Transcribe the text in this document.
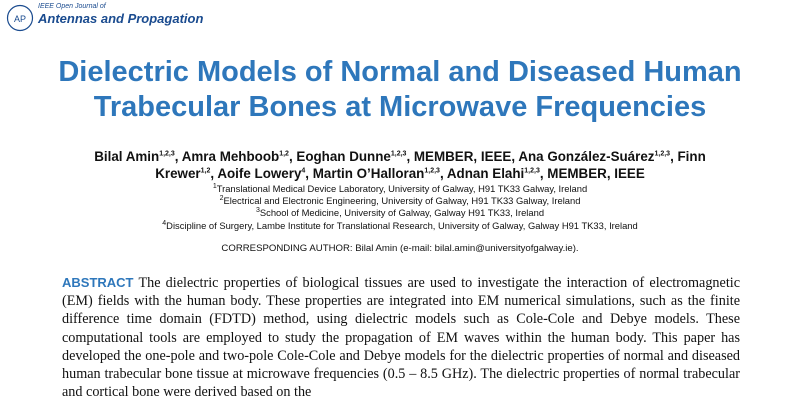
AP
IEEE Open Journal of
Antennas and Propagation
Dielectric Models of Normal and Diseased Human
Trabecular Bones at Microwave Frequencies
Bilal Amin$^{1,2,3}$, Amra Mehboob$^{1,2}$, Eoghan Dunne$^{1,2,3}$, MEMBER, IEEE, Ana González-Suárez$^{1,2,3}$, Finn
Krewer$^{1,2}$, Aoife Lowery$^4$, Martin O’Halloran$^{1,2,3}$, Adnan Elahi$^{1,2,3}$, MEMBER, IEEE
$^1$Translational Medical Device Laboratory, University of Galway, H91 TK33 Galway, Ireland
$^2$Electrical and Electronic Engineering, University of Galway, H91 TK33 Galway, Ireland
$^3$School of Medicine, University of Galway, Galway H91 TK33, Ireland
$^4$Discipline of Surgery, Lambe Institute for Translational Research, University of Galway, Galway H91 TK33, Ireland
CORRESPONDING AUTHOR: Bilal Amin (e-mail: bilal.amin@universityofgalway.ie).
ABSTRACT The dielectric properties of biological tissues are used to investigate the interaction of electromagnetic (EM) fields with the human body. These properties are integrated into EM numerical simulations, such as the finite difference time domain (FDTD) method, using dielectric models such as Cole-Cole and Debye models. These computational tools are employed to study the propagation of EM waves within the human body. This paper has developed the one-pole and two-pole Cole-Cole and Debye models for the dielectric properties of normal and diseased human trabecular bone tissue at microwave frequencies (0.5 – 8.5 GHz). The dielectric properties of normal trabecular and cortical bone were derived based on the
